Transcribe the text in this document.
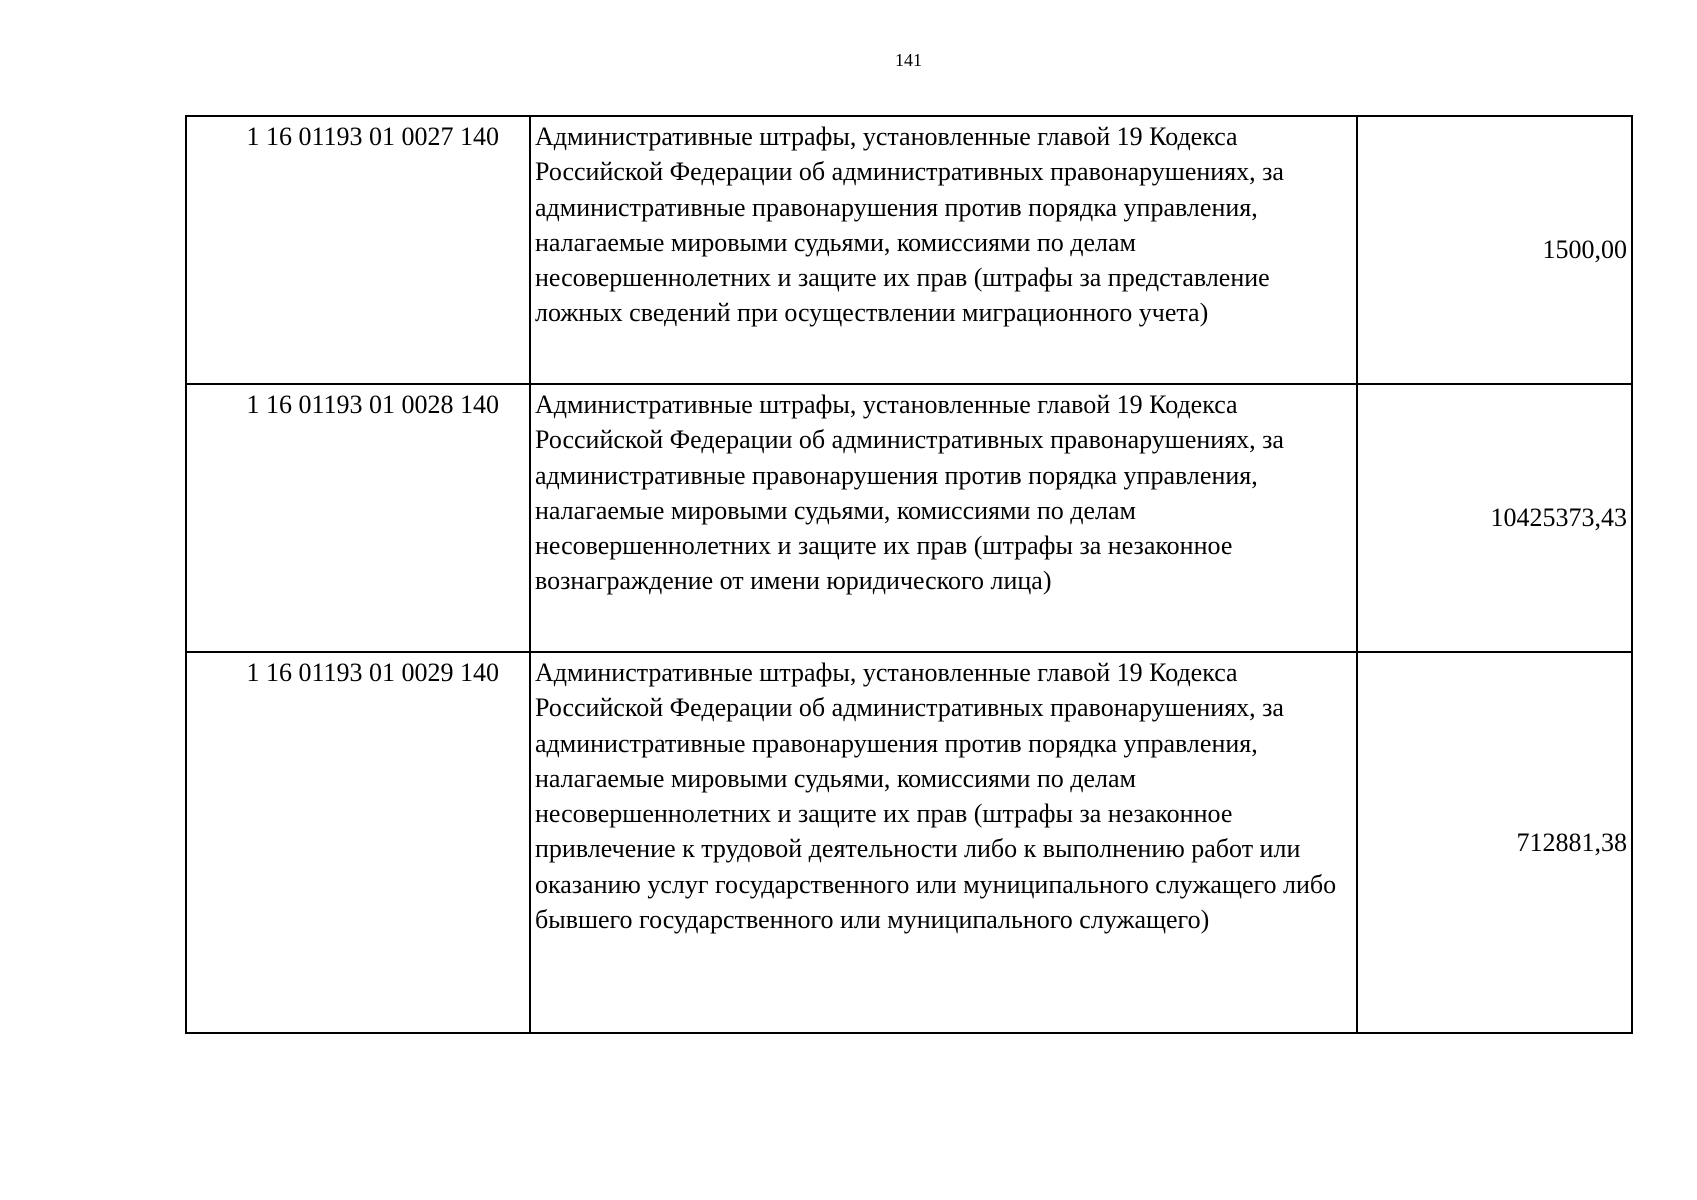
141
1 16 01193 01 0027 140	Административные штрафы, установленные главой 19 Кодекса Российской Федерации об административных правонарушениях, за административные правонарушения против порядка управления, налагаемые мировыми судьями, комиссиями по делам несовершеннолетних и защите их прав (штрафы за представление ложных сведений при осуществлении миграционного учета)	1500,00
1 16 01193 01 0028 140	Административные штрафы, установленные главой 19 Кодекса Российской Федерации об административных правонарушениях, за административные правонарушения против порядка управления, налагаемые мировыми судьями, комиссиями по делам несовершеннолетних и защите их прав (штрафы за незаконное вознаграждение от имени юридического лица)	10425373,43
1 16 01193 01 0029 140	Административные штрафы, установленные главой 19 Кодекса Российской Федерации об административных правонарушениях, за административные правонарушения против порядка управления, налагаемые мировыми судьями, комиссиями по делам несовершеннолетних и защите их прав (штрафы за незаконное привлечение к трудовой деятельности либо к выполнению работ или оказанию услуг государственного или муниципального служащего либо бывшего государственного или муниципального служащего)	712881,38
